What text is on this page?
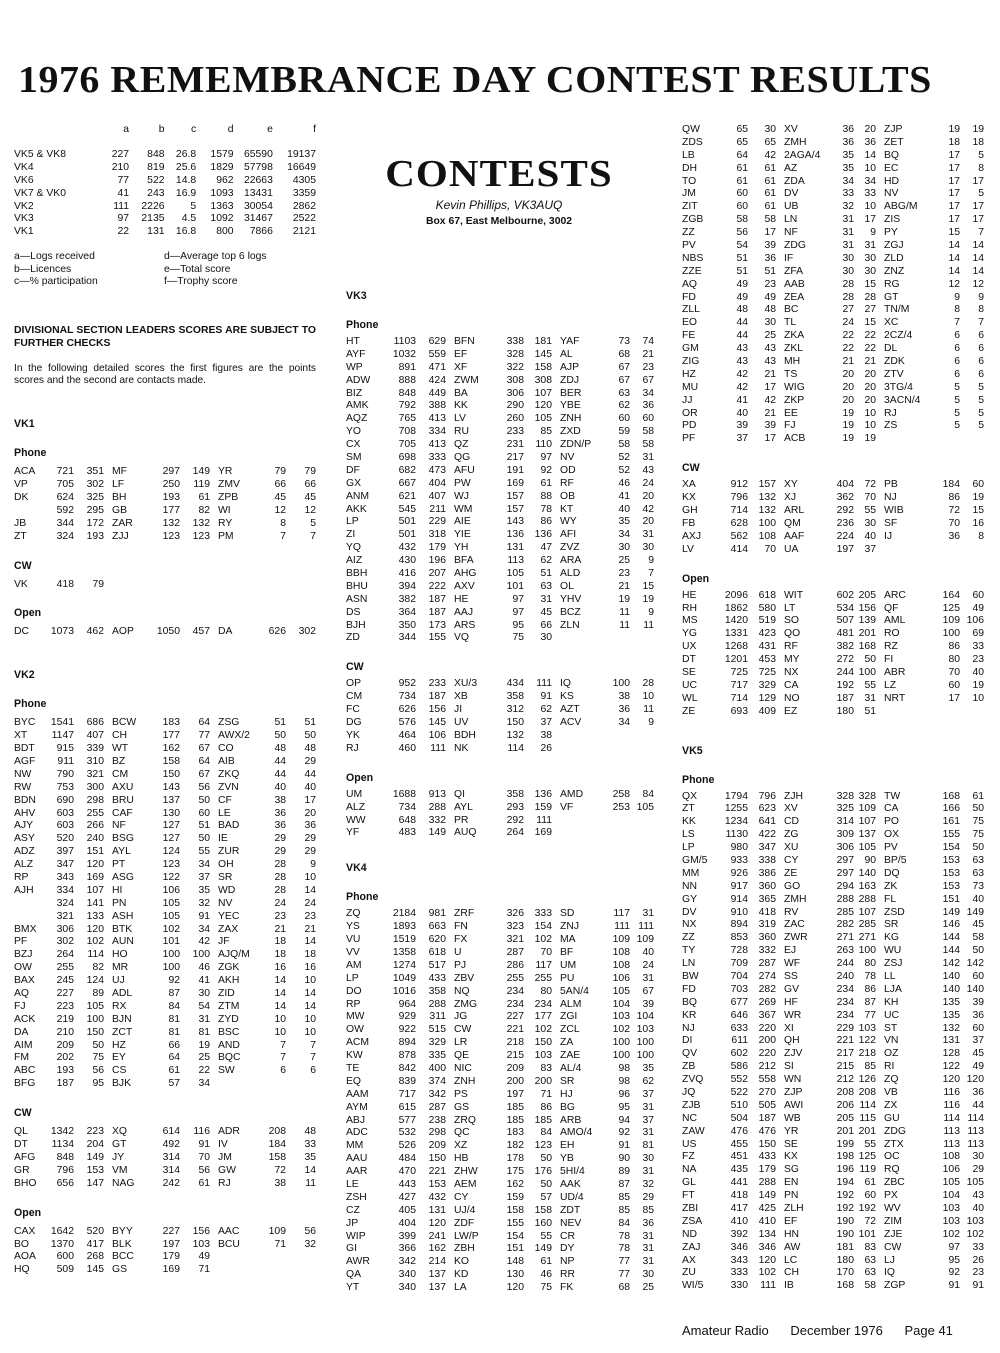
1976 REMEMBRANCE DAY CONTEST RESULTS
a	b	c	d	e	f
VK5 & VK8	227	848	26.8	1579	65590	19137
VK4	210	819	25.6	1829	57798	16649
VK6	77	522	14.8	962	22663	4305
VK7 & VK0	41	243	16.9	1093	13431	3359
VK2	111	2226	5	1363	30054	2862
VK3	97	2135	4.5	1092	31467	2522
VK1	22	131	16.8	800	7866	2121
a—Logs received	d—Average top 6 logs
b—Licences	e—Total score
c—% participation	f—Trophy score
DIVISIONAL SECTION LEADERS SCORES ARE SUBJECT TO FURTHER CHECKS
In the following detailed scores the first figures are the points scores and the second are contacts made.
VK1
Phone
ACA	721	351 MF	297	149 YR	79	79
VP	705	302 LF	250	119 ZMV	66	66
DK	624	325 BH	193	61 ZPB	45	45
592	295 GB	177	82 WI	12	12
JB	344	172 ZAR	132	132 RY	8	5
ZT	324	193 ZJJ	123	123 PM	7	7
CW
VK	418	79
Open
DC	1073	462 AOP	1050	457 DA	626	302
VK2
Phone
BYC	1541	686 BCW	183	64 ZSG	51	51
XT	1147	407 CH	177	77 AWX/2	50	50
BDT	915	339 WT	162	67 CO	48	48
AGF	911	310 BZ	158	64 AIB	44	29
NW	790	321 CM	150	67 ZKQ	44	44
RW	753	300 AXU	143	56 ZVN	40	40
BDN	690	298 BRU	137	50 CF	38	17
AHV	603	255 CAF	130	60 LE	36	20
AJY	603	266 NF	127	51 BAD	36	36
ASY	520	240 BSG	127	50 IE	29	29
ADZ	397	151 AYL	124	55 ZUR	29	29
ALZ	347	120 PT	123	34 OH	28	9
RP	343	169 ASG	122	37 SR	28	10
AJH	334	107 HI	106	35 WD	28	14
324	141 PN	105	32 NV	24	24
321	133 ASH	105	91 YEC	23	23
BMX	306	120 BTK	102	34 ZAX	21	21
PF	302	102 AUN	101	42 JF	18	14
BZJ	264	114 HO	100	100 AJQ/M	18	18
OW	255	82 MR	100	46 ZGK	16	16
BAX	245	124 UJ	92	41 AKH	14	10
AQ	227	89 ADL	87	30 ZID	14	14
FJ	223	105 RX	84	54 ZTM	14	14
ACK	219	100 BJN	81	31 ZYD	10	10
DA	210	150 ZCT	81	81 BSC	10	10
AIM	209	50 HZ	66	19 AND	7	7
FM	202	75 EY	64	25 BQC	7	7
ABC	193	56 CS	61	22 SW	6	6
BFG	187	95 BJK	57	34
CW
QL	1342	223 XQ	614	116 ADR	208	48
DT	1134	204 GT	492	91 IV	184	33
AFG	848	149 JY	314	70 JM	158	35
GR	796	153 VM	314	56 GW	72	14
BHO	656	147 NAG	242	61 RJ	38	11
Open
CAX	1642	520 BYY	227	156 AAC	109	56
BO	1370	417 BLK	197	103 BCU	71	32
AOA	600	268 BCC	179	49
HQ	509	145 GS	169	71
CONTESTS
Kevin Phillips, VK3AUQ
Box 67, East Melbourne, 3002
VK3
Phone
HT	1103	629 BFN	338	181 YAF	73	74
AYF	1032	559 EF	328	145 AL	68	21
WP	891	471 XF	322	158 AJP	67	23
ADW	888	424 ZWM	308	308 ZDJ	67	67
BIZ	848	449 BA	306	107 BER	63	34
AMK	792	388 KK	290	120 YBE	62	36
AQZ	765	413 LV	260	105 ZNH	60	60
YO	708	334 RU	233	85 ZXD	59	58
CX	705	413 QZ	231	110 ZDN/P	58	58
SM	698	333 QG	217	97 NV	52	31
DF	682	473 AFU	191	92 OD	52	43
GX	667	404 PW	169	61 RF	46	24
ANM	621	407 WJ	157	88 OB	41	20
AKK	545	211 WM	157	78 KT	40	42
LP	501	229 AIE	143	86 WY	35	20
ZI	501	318 YIE	136	136 AFI	34	31
YQ	432	179 YH	131	47 ZVZ	30	30
AIZ	430	196 BFA	113	62 ARA	25	9
BBH	416	207 AHG	105	51 ALD	23	7
BHU	394	222 AXV	101	63 OL	21	15
ASN	382	187 HE	97	31 YHV	19	19
DS	364	187 AAJ	97	45 BCZ	11	9
BJH	350	173 ARS	95	66 ZLN	11	11
ZD	344	155 VQ	75	30
CW
OP	952	233 XU/3	434	111 IQ	100	28
CM	734	187 XB	358	91 KS	38	10
FC	626	156 JI	312	62 AZT	36	11
DG	576	145 UV	150	37 ACV	34	9
YK	464	106 BDH	132	38
RJ	460	111 NK	114	26
Open
UM	1688	913 QI	358	136 AMD	258	84
ALZ	734	288 AYL	293	159 VF	253 105
WW	648	332 PR	292	111
YF	483	149 AUQ	264	169
VK4
Phone
ZQ	2184	981 ZRF	326	333 SD	117	31
YS	1893	663 FN	323	154 ZNJ	111 111
VU	1519	620 FX	321	102 MA	109 109
VV	1358	618 U	287	70 BF	108	40
AM	1274	517 PJ	286	117 UM	108	24
LP	1049	433 ZBV	255	255 PU	106	31
DO	1016	358 NQ	234	80 5AN/4	105	67
RP	964	288 ZMG	234	234 ALM	104	39
MW	929	311 JG	227	177 ZGI	103 104
OW	922	515 CW	221	102 ZCL	102 103
ACM	894	329 LR	218	150 ZA	100 100
KW	878	335 QE	215	103 ZAE	100 100
TE	842	400 NIC	209	83 AL/4	98	35
EQ	839	374 ZNH	200	200 SR	98	62
AAM	717	342 PS	197	71 HJ	96	37
AYM	615	287 GS	185	86 BG	95	31
ABJ	577	238 ZRQ	185	185 ARB	94	37
ADC	532	298 QC	183	84 AMO/4	92	31
MM	526	209 XZ	182	123 EH	91	81
AAU	484	150 HB	178	50 YB	90	30
AAR	470	221 ZHW	175	176 5HI/4	89	31
LE	443	153 AEM	162	50 AAK	87	32
ZSH	427	432 CY	159	57 UD/4	85	29
CZ	405	131 UJ/4	158	158 ZDT	85	85
JP	404	120 ZDF	155	160 NEV	84	36
WIP	399	241 LW/P	154	55 CR	78	31
GI	366	162 ZBH	151	149 DY	78	31
AWR	342	214 KO	148	61 NP	77	31
QA	340	137 KD	130	46 RR	77	30
YT	340	137 LA	120	75 FK	68	25
QW	65	30 XV	36	20 ZJP	19	19
ZDS	65	65 ZMH	36	36 ZET	18	18
LB	64	42 2AGA/4	35	14 BQ	17	5
DH	61	61 AZ	35	10 EC	17	8
TO	61	61 ZDA	34	34 HD	17	17
JM	60	61 DV	33	33 NV	17	5
ZIT	60	61 UB	32	10 ABG/M	17	17
ZGB	58	58 LN	31	17 ZIS	17	17
ZZ	56	17 NF	31	9 PY	15	7
PV	54	39 ZDG	31	31 ZGJ	14	14
NBS	51	36 IF	30	30 ZLD	14	14
ZZE	51	51 ZFA	30	30 ZNZ	14	14
AQ	49	23 AAB	28	15 RG	12	12
FD	49	49 ZEA	28	28 GT	9	9
ZLL	48	48 BC	27	27 TN/M	8	8
EO	44	30 TL	24	15 XC	7	7
FE	44	25 ZKA	22	22 2CZ/4	6	6
GM	43	43 ZKL	22	22 DL	6	6
ZIG	43	43 MH	21	21 ZDK	6	6
HZ	42	21 TS	20	20 ZTV	6	6
MU	42	17 WIG	20	20 3TG/4	5	5
JJ	41	42 ZKP	20	20 3ACN/4	5	5
OR	40	21 EE	19	10 RJ	5	5
PD	39	39 FJ	19	10 ZS	5	5
PF	37	17 ACB	19	19
CW
XA	912	157 XY	404	72 PB	184	60
KX	796	132 XJ	362	70 NJ	86	19
GH	714	132 ARL	292	55 WIB	72	15
FB	628	100 QM	236	30 SF	70	16
AXJ	562	108 AAF	224	40 IJ	36	8
LV	414	70 UA	197	37
Open
HE	2096	618 WIT	602 205 ARC	164	60
RH	1862	580 LT	534 156 QF	125	49
MS	1420	519 SO	507 139 AML	109 106
YG	1331	423 QO	481 201 RO	100	69
UX	1268	431 RF	382 168 RZ	86	33
DT	1201	453 MY	272	50 FI	80	23
SE	725	725 NX	244 100 ABR	70	40
UC	717	329 CA	192	55 LZ	60	19
WL	714	129 NO	187	31 NRT	17	10
ZE	693	409 EZ	180	51
VK5
Phone
QX	1794	796 ZJH	328 328 TW	168	61
ZT	1255	623 XV	325 109 CA	166	50
KK	1234	641 CD	314 107 PO	161	75
LS	1130	422 ZG	309 137 OX	155	75
LP	980	347 XU	306 105 PV	154	50
GM/5	933	338 CY	297	90 BP/5	153	63
MM	926	386 ZE	297 140 DQ	153	63
NN	917	360 GO	294 163 ZK	153	73
GY	914	365 ZMH	288 288 FL	151	40
DV	910	418 RV	285 107 ZSD	149 149
NX	894	319 ZAC	282 285 SR	146	45
ZZ	853	360 ZWR	271 271 KG	144	58
TY	728	332 EJ	263 100 WU	144	50
LN	709	287 WF	244	80 ZSJ	142 142
BW	704	274 SS	240	78 LL	140	60
FD	703	282 GV	234	86 LJA	140 140
BQ	677	269 HF	234	87 KH	135	39
KR	646	367 WR	234	77 UC	135	36
NJ	633	220 XI	229 103 ST	132	60
DI	611	200 QH	221 122 VN	131	37
QV	602	220 ZJV	217 218 OZ	128	45
ZB	586	212 SI	215	85 RI	122	49
ZVQ	552	558 WN	212 126 ZQ	120 120
JQ	522	270 ZJP	208 208 VB	116	36
ZJB	510	505 AWI	206 114 ZX	116	44
NC	504	187 WB	205 115 GU	114 114
ZAW	476	476 YR	201 201 ZDG	113 113
US	455	150 SE	199	55 ZTX	113 113
FZ	451	433 KX	198 125 OC	108	30
NA	435	179 SG	196 119 RQ	106	29
GL	441	288 EN	194	61 ZBC	105 105
FT	418	149 PN	192	60 PX	104	43
ZBI	417	425 ZLH	192 192 WV	103	40
ZSA	410	410 EF	190	72 ZIM	103 103
ND	392	134 HN	190 101 ZJE	102 102
ZAJ	346	346 AW	181	83 CW	97	33
AX	343	120 LC	180	63 LJ	95	26
ZU	333	102 CH	170	63 IQ	92	23
WI/5	330	111 IB	168	58 ZGP	91	91
Amateur Radio December 1976 Page 41
